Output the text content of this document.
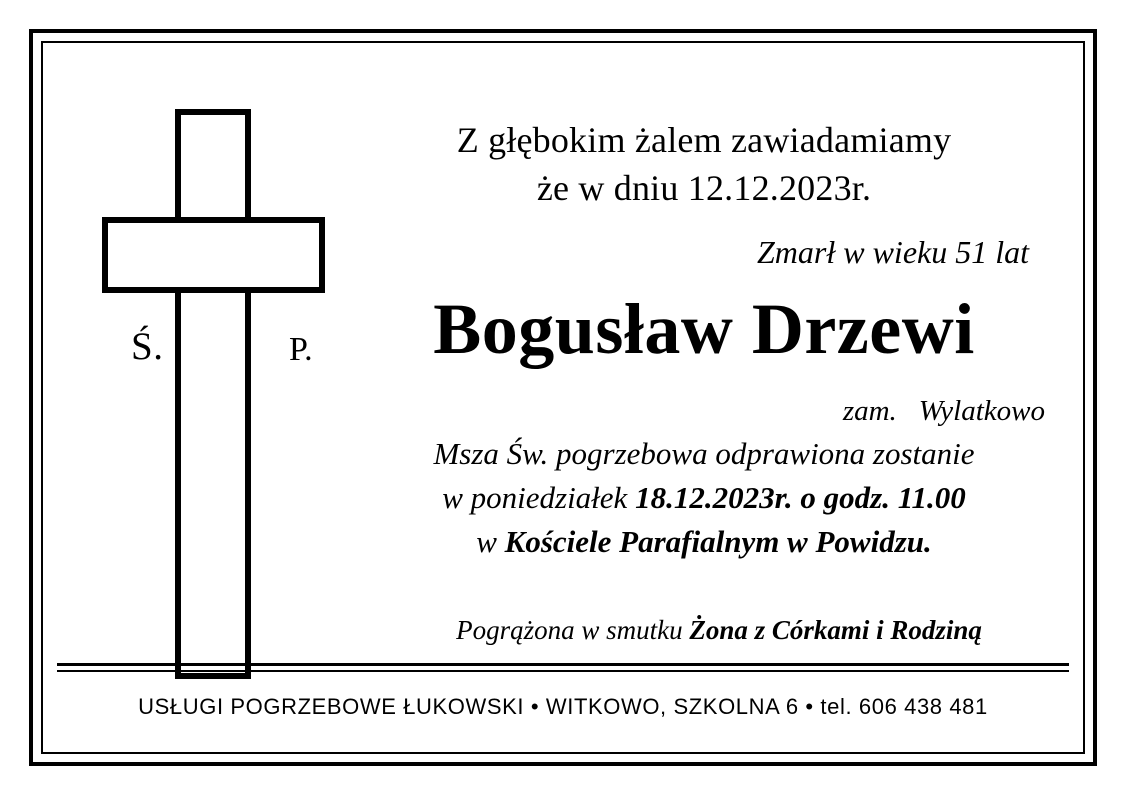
Ś.	P.
Z głębokim żalem zawiadamiamy
że w dniu 12.12.2023r.
Zmarł w wieku 51 lat
Bogusław Drzewi
zam. Wylatkowo
Msza Św. pogrzebowa odprawiona zostanie
w poniedziałek 18.12.2023r. o godz. 11.00
w Kościele Parafialnym w Powidzu.
Pogrążona w smutku Żona z Córkami i Rodziną
USŁUGI POGRZEBOWE ŁUKOWSKI • WITKOWO, SZKOLNA 6 • tel. 606 438 481
